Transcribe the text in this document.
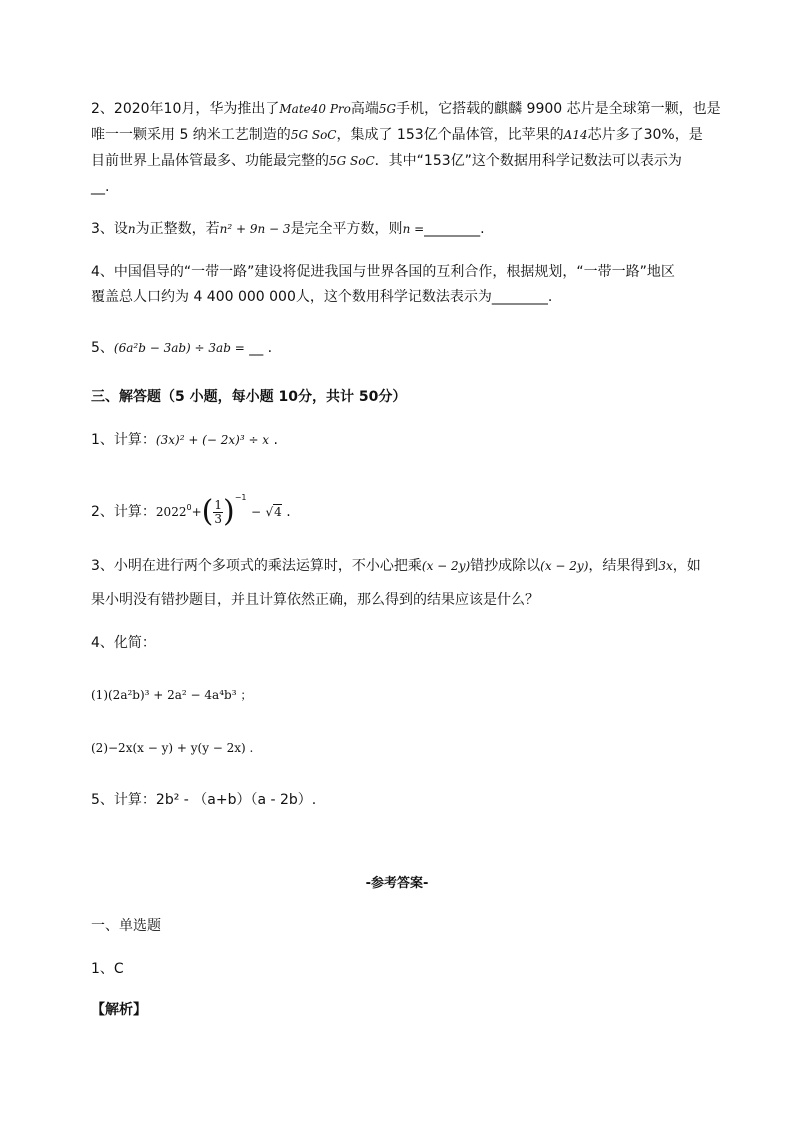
2、2020年10月，华为推出了Mate40 Pro高端5G手机，它搭载的麒麟 9900 芯片是全球第一颗，也是
唯一一颗采用 5 纳米工艺制造的5G SoC，集成了 153亿个晶体管，比苹果的A14芯片多了30%，是
目前世界上晶体管最多、功能最完整的5G SoC．其中“153亿”这个数据用科学记数法可以表示为
__.
3、设n为正整数，若n² + 9n − 3是完全平方数，则n =________.
4、中国倡导的“一带一路”建设将促进我国与世界各国的互利合作，根据规划，“一带一路”地区
覆盖总人口约为 4 400 000 000人，这个数用科学记数法表示为________.
5、(6a²b − 3ab) ÷ 3ab = __ .
三、解答题（5 小题，每小题 10分，共计 50分）
1、计算：(3x)² + (− 2x)³ ÷ x .
2、计算：$2022^0+( \frac{1}{3} )^{-1} - √4$ .
3、小明在进行两个多项式的乘法运算时，不小心把乘(x − 2y)错抄成除以(x − 2y)，结果得到3x，如
果小明没有错抄题目，并且计算依然正确，那么得到的结果应该是什么？
4、化简：
(1)(2a²b)³ + 2a² − 4a⁴b³ ；
(2)−2x(x − y) + y(y − 2x) .
5、计算：2b² - （a+b）（a - 2b）.
-参考答案-
一、单选题
1、C
【解析】
